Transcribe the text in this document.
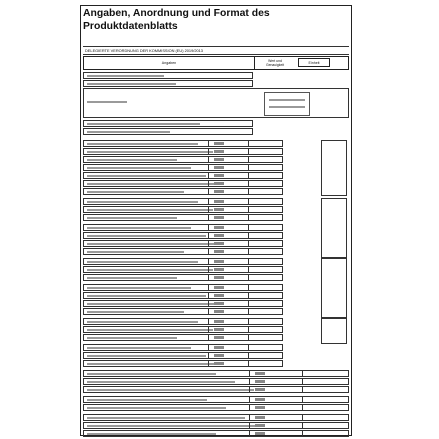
Angaben, Anordnung und Format des
Produktdatenblatts
DELEGIERTE VERORDNUNG DER KOMMISSION (EU) 2019/2013
Angaben	Wert und
Genauigkeit
Einheit
